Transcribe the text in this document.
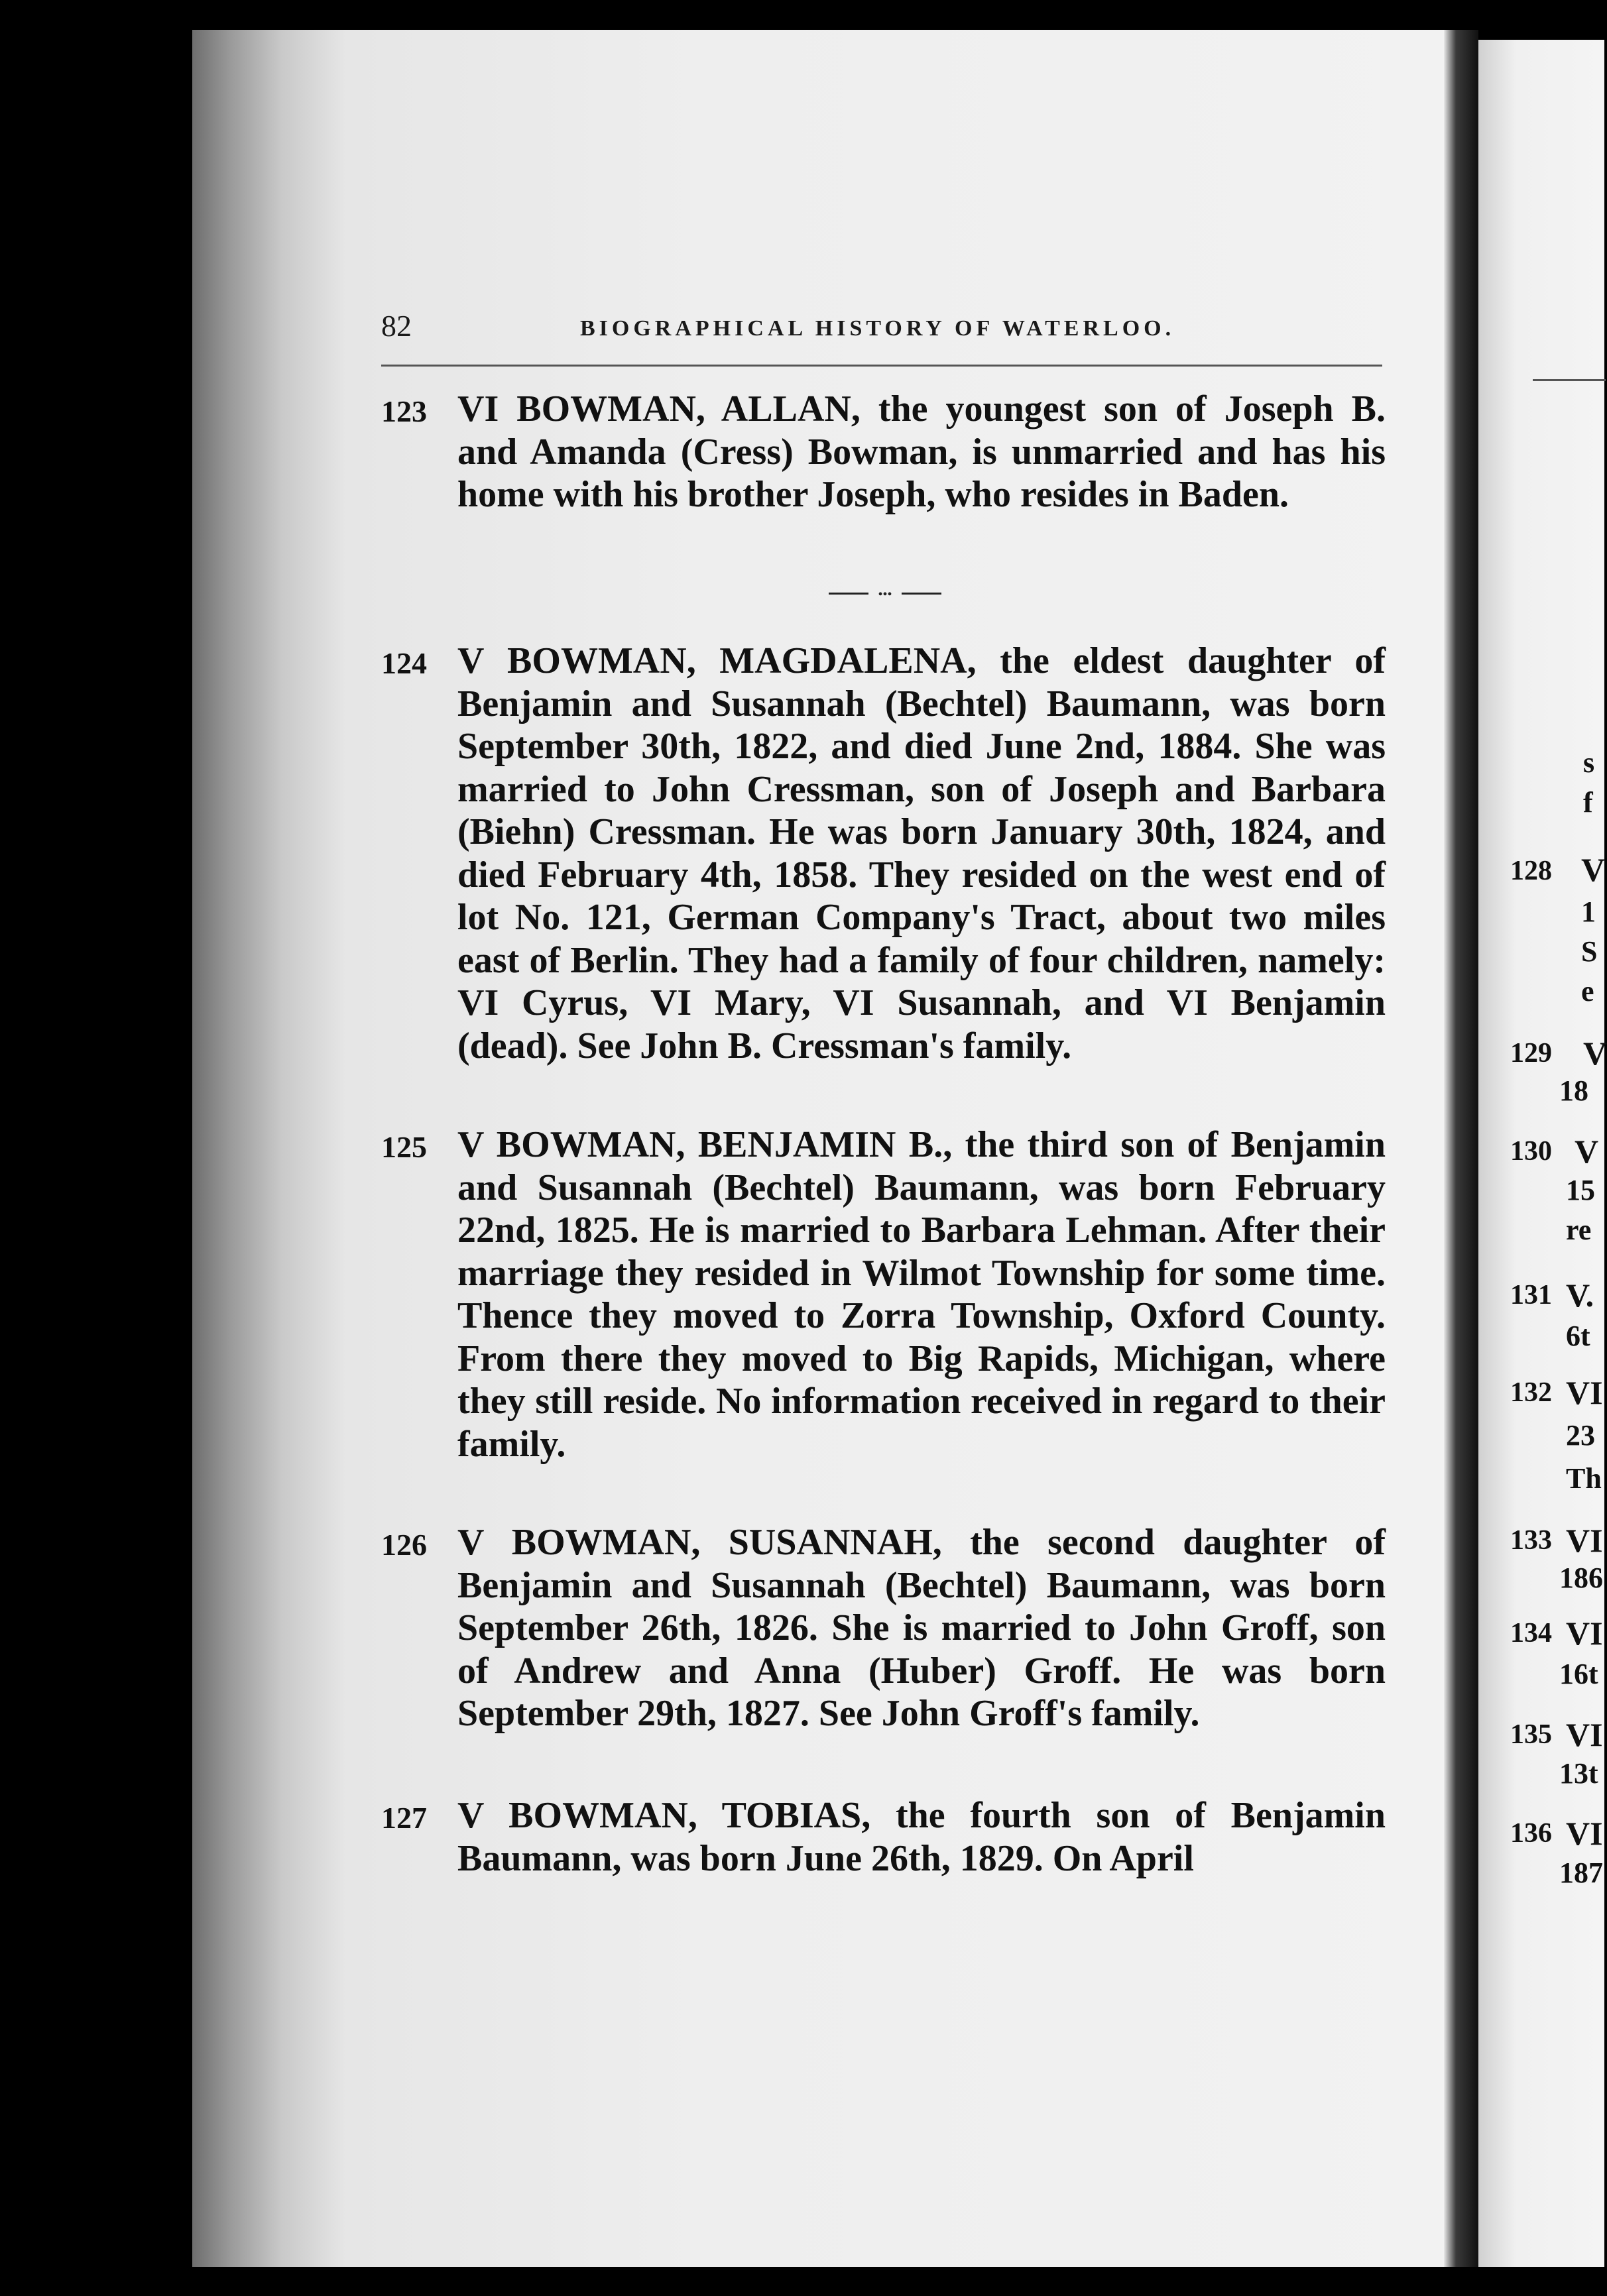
82	BIOGRAPHICAL HISTORY OF WATERLOO.
123 VI BOWMAN, ALLAN, the youngest son of Joseph B. and Amanda (Cress) Bowman, is unmarried and has his home with his brother Joseph, who resides in Baden.
•••
124 V BOWMAN, MAGDALENA, the eldest daughter of Benjamin and Susannah (Bechtel) Baumann, was born September 30th, 1822, and died June 2nd, 1884. She was married to John Cressman, son of Joseph and Barbara (Biehn) Cressman. He was born January 30th, 1824, and died February 4th, 1858. They resided on the west end of lot No. 121, German Company's Tract, about two miles east of Berlin. They had a family of four children, namely: VI Cyrus, VI Mary, VI Susannah, and VI Benjamin (dead). See John B. Cressman's family.
125 V BOWMAN, BENJAMIN B., the third son of Benjamin and Susannah (Bechtel) Baumann, was born February 22nd, 1825. He is married to Barbara Lehman. After their marriage they resided in Wilmot Township for some time. Thence they moved to Zorra Township, Oxford County. From there they moved to Big Rapids, Michigan, where they still reside. No information received in regard to their family.
126 V BOWMAN, SUSANNAH, the second daughter of Benjamin and Susannah (Bechtel) Baumann, was born September 26th, 1826. She is married to John Groff, son of Andrew and Anna (Huber) Groff. He was born September 29th, 1827. See John Groff's family.
127 V BOWMAN, TOBIAS, the fourth son of Benjamin Baumann, was born June 26th, 1829. On April
s
f
128 V
1
S
e
129 V
18
130 V
15
re
131 V.
6t
132 VI
23
Th
133 VI
186
134 VI
16t
135 VI
13t
136 VI
187
